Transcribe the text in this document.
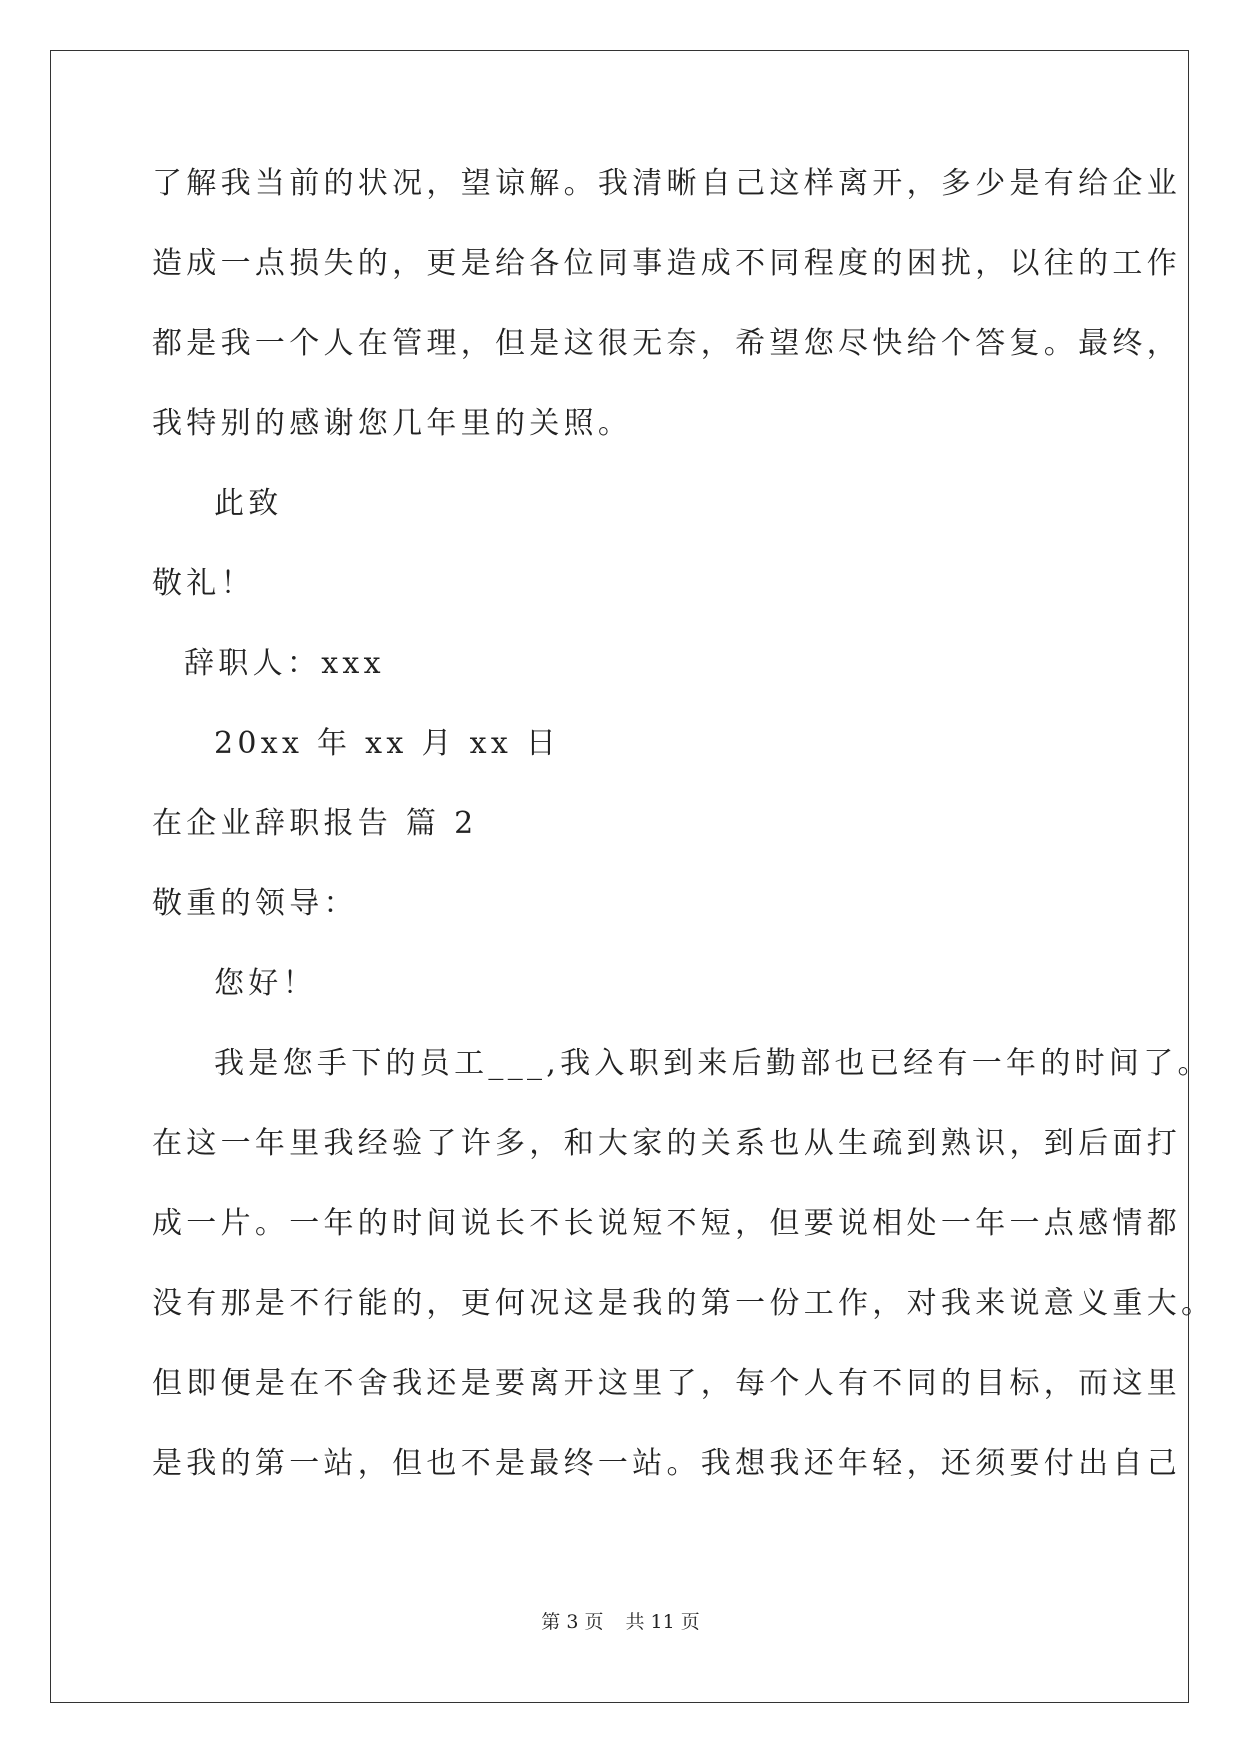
了解我当前的状况，望谅解。我清晰自己这样离开，多少是有给企业
造成一点损失的，更是给各位同事造成不同程度的困扰，以往的工作
都是我一个人在管理，但是这很无奈，希望您尽快给个答复。最终，
我特别的感谢您几年里的关照。
此致
敬礼！
辞职人：xxx
20xx 年 xx 月 xx 日
在企业辞职报告 篇 2
敬重的领导：
您好！
我是您手下的员工___,我入职到来后勤部也已经有一年的时间了。
在这一年里我经验了许多，和大家的关系也从生疏到熟识，到后面打
成一片。一年的时间说长不长说短不短，但要说相处一年一点感情都
没有那是不行能的，更何况这是我的第一份工作，对我来说意义重大。
但即便是在不舍我还是要离开这里了，每个人有不同的目标，而这里
是我的第一站，但也不是最终一站。我想我还年轻，还须要付出自己
第 3 页 共 11 页
